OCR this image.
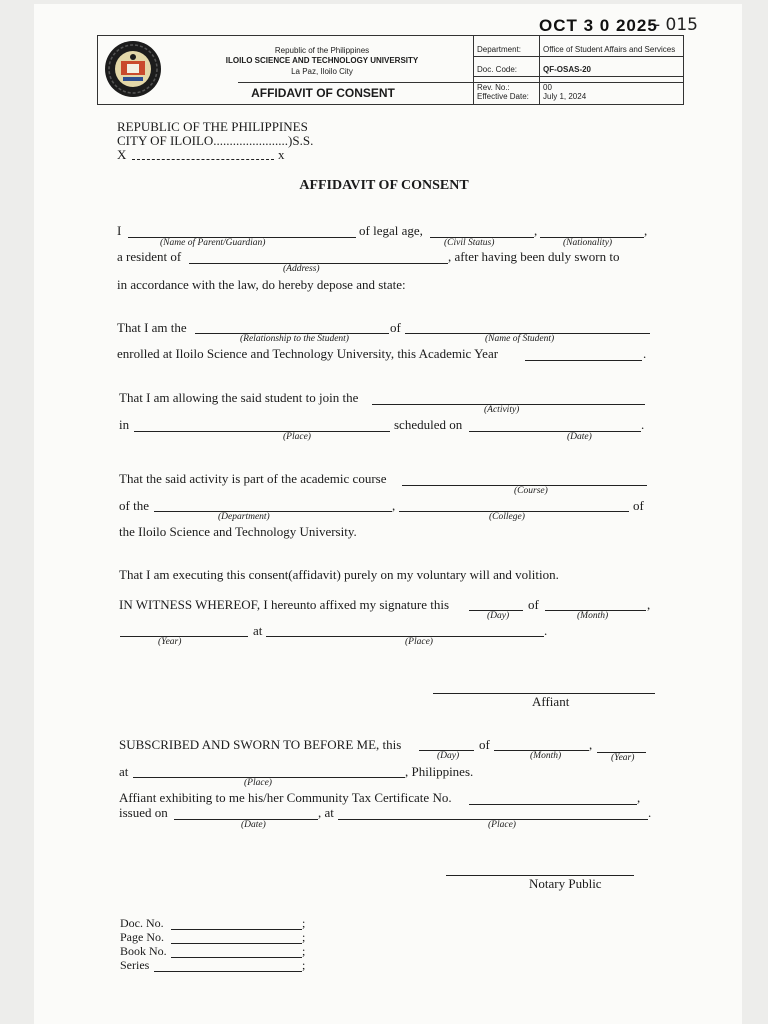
OCT 3 0 2025
- 015
Republic of the Philippines
ILOILO SCIENCE AND TECHNOLOGY UNIVERSITY
La Paz, Iloilo City
AFFIDAVIT OF CONSENT
Department:	Office of Student Affairs and Services
Doc. Code:	QF-OSAS-20
Rev. No.:	00
Effective Date: July 1, 2024
REPUBLIC OF THE PHILIPPINES
CITY OF ILOILO.......................)S.S.
X	x
AFFIDAVIT OF CONSENT
I	of legal age,	,	,
(Name of Parent/Guardian)	(Civil Status)	(Nationality)
a resident of	, after having been duly sworn to
(Address)
in accordance with the law, do hereby depose and state:
That I am the	of
(Relationship to the Student)	(Name of Student)
enrolled at Iloilo Science and Technology University, this Academic Year	.
That I am allowing the said student to join the
(Activity)
in	scheduled on	.
(Place)	(Date)
That the said activity is part of the academic course
(Course)
of the	,	of
(Department)	(College)
the Iloilo Science and Technology University.
That I am executing this consent(affidavit) purely on my voluntary will and volition.
IN WITNESS WHEREOF, I hereunto affixed my signature this	of	,
(Day)	(Month)
at	.
(Year)	(Place)
Affiant
SUBSCRIBED AND SWORN TO BEFORE ME, this	of	,
(Day)	(Month)	(Year)
at	, Philippines.
(Place)
Affiant exhibiting to me his/her Community Tax Certificate No.	,
issued on	, at	.
(Date)	(Place)
Notary Public
Doc. No.	;
Page No.	;
Book No.	;
Series	;
